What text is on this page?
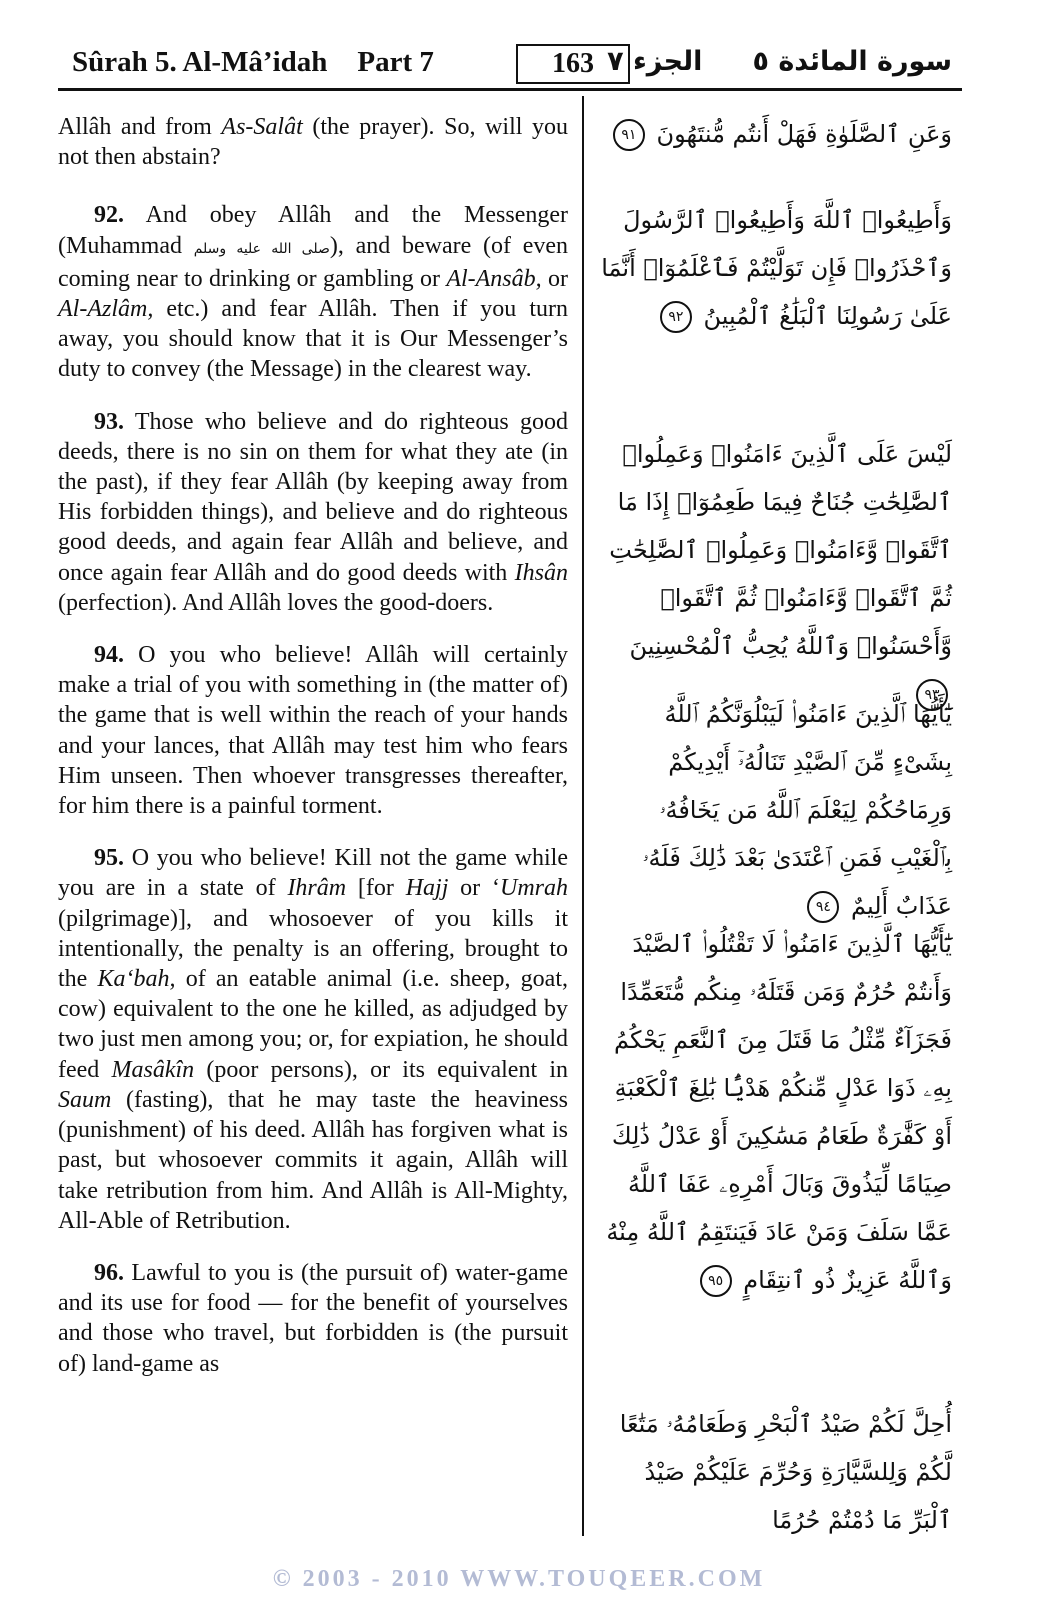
Sûrah 5. Al-Mâ’idah Part 7	163	سورة المائدة ٥الجزء ٧

Allâh and from As-Salât (the prayer). So, will you not then abstain?

92. And obey Allâh and the Messenger (Muhammad صلى الله عليه وسلم), and beware (of even coming near to drinking or gambling or Al-Ansâb, or Al-Azlâm, etc.) and fear Allâh. Then if you turn away, you should know that it is Our Messenger’s duty to convey (the Message) in the clearest way.

93. Those who believe and do righteous good deeds, there is no sin on them for what they ate (in the past), if they fear Allâh (by keeping away from His forbidden things), and believe and do righteous good deeds, and again fear Allâh and believe, and once again fear Allâh and do good deeds with Ihsân (perfection). And Allâh loves the good-doers.

94. O you who believe! Allâh will certainly make a trial of you with something in (the matter of) the game that is well within the reach of your hands and your lances, that Allâh may test him who fears Him unseen. Then whoever transgresses thereafter, for him there is a painful torment.

95. O you who believe! Kill not the game while you are in a state of Ihrâm [for Hajj or ‘Umrah (pilgrimage)], and whosoever of you kills it intentionally, the penalty is an offering, brought to the Ka‘bah, of an eatable animal (i.e. sheep, goat, cow) equivalent to the one he killed, as adjudged by two just men among you; or, for expiation, he should feed Masâkîn (poor persons), or its equivalent in Saum (fasting), that he may taste the heaviness (punishment) of his deed. Allâh has forgiven what is past, but whosoever commits it again, Allâh will take retribution from him. And Allâh is All-Mighty, All-Able of Retribution.

96. Lawful to you is (the pursuit of) water-game and its use for food — for the benefit of yourselves and those who travel, but forbidden is (the pursuit of) land-game as

وَعَنِ ٱلصَّلَوٰةِ فَهَلْ أَنتُم مُّنتَهُونَ ٩١
وَأَطِيعُوا۟ ٱللَّهَ وَأَطِيعُوا۟ ٱلرَّسُولَ وَٱحْذَرُوا۟ فَإِن تَوَلَّيْتُمْ فَٱعْلَمُوٓا۟ أَنَّمَا عَلَىٰ رَسُولِنَا ٱلْبَلَٰغُ ٱلْمُبِينُ ٩٢
لَيْسَ عَلَى ٱلَّذِينَ ءَامَنُوا۟ وَعَمِلُوا۟ ٱلصَّٰلِحَٰتِ جُنَاحٌ فِيمَا طَعِمُوٓا۟ إِذَا مَا ٱتَّقَوا۟ وَّءَامَنُوا۟ وَعَمِلُوا۟ ٱلصَّٰلِحَٰتِ ثُمَّ ٱتَّقَوا۟ وَّءَامَنُوا۟ ثُمَّ ٱتَّقَوا۟ وَّأَحْسَنُوا۟ وَٱللَّهُ يُحِبُّ ٱلْمُحْسِنِينَ ٩٣
يَٰٓأَيُّهَا ٱلَّذِينَ ءَامَنُوا۟ لَيَبْلُوَنَّكُمُ ٱللَّهُ بِشَىْءٍ مِّنَ ٱلصَّيْدِ تَنَالُهُۥٓ أَيْدِيكُمْ وَرِمَاحُكُمْ لِيَعْلَمَ ٱللَّهُ مَن يَخَافُهُۥ بِٱلْغَيْبِ فَمَنِ ٱعْتَدَىٰ بَعْدَ ذَٰلِكَ فَلَهُۥ عَذَابٌ أَلِيمٌ ٩٤
يَٰٓأَيُّهَا ٱلَّذِينَ ءَامَنُوا۟ لَا تَقْتُلُوا۟ ٱلصَّيْدَ وَأَنتُمْ حُرُمٌ وَمَن قَتَلَهُۥ مِنكُم مُّتَعَمِّدًا فَجَزَآءٌ مِّثْلُ مَا قَتَلَ مِنَ ٱلنَّعَمِ يَحْكُمُ بِهِۦ ذَوَا عَدْلٍ مِّنكُمْ هَدْيًۢا بَٰلِغَ ٱلْكَعْبَةِ أَوْ كَفَّٰرَةٌ طَعَامُ مَسَٰكِينَ أَوْ عَدْلُ ذَٰلِكَ صِيَامًا لِّيَذُوقَ وَبَالَ أَمْرِهِۦ عَفَا ٱللَّهُ عَمَّا سَلَفَ وَمَنْ عَادَ فَيَنتَقِمُ ٱللَّهُ مِنْهُ وَٱللَّهُ عَزِيزٌ ذُو ٱنتِقَامٍ ٩٥
أُحِلَّ لَكُمْ صَيْدُ ٱلْبَحْرِ وَطَعَامُهُۥ مَتَٰعًا لَّكُمْ وَلِلسَّيَّارَةِ وَحُرِّمَ عَلَيْكُمْ صَيْدُ ٱلْبَرِّ مَا دُمْتُمْ حُرُمًا
© 2003 - 2010 WWW.TOUQEER.COM
